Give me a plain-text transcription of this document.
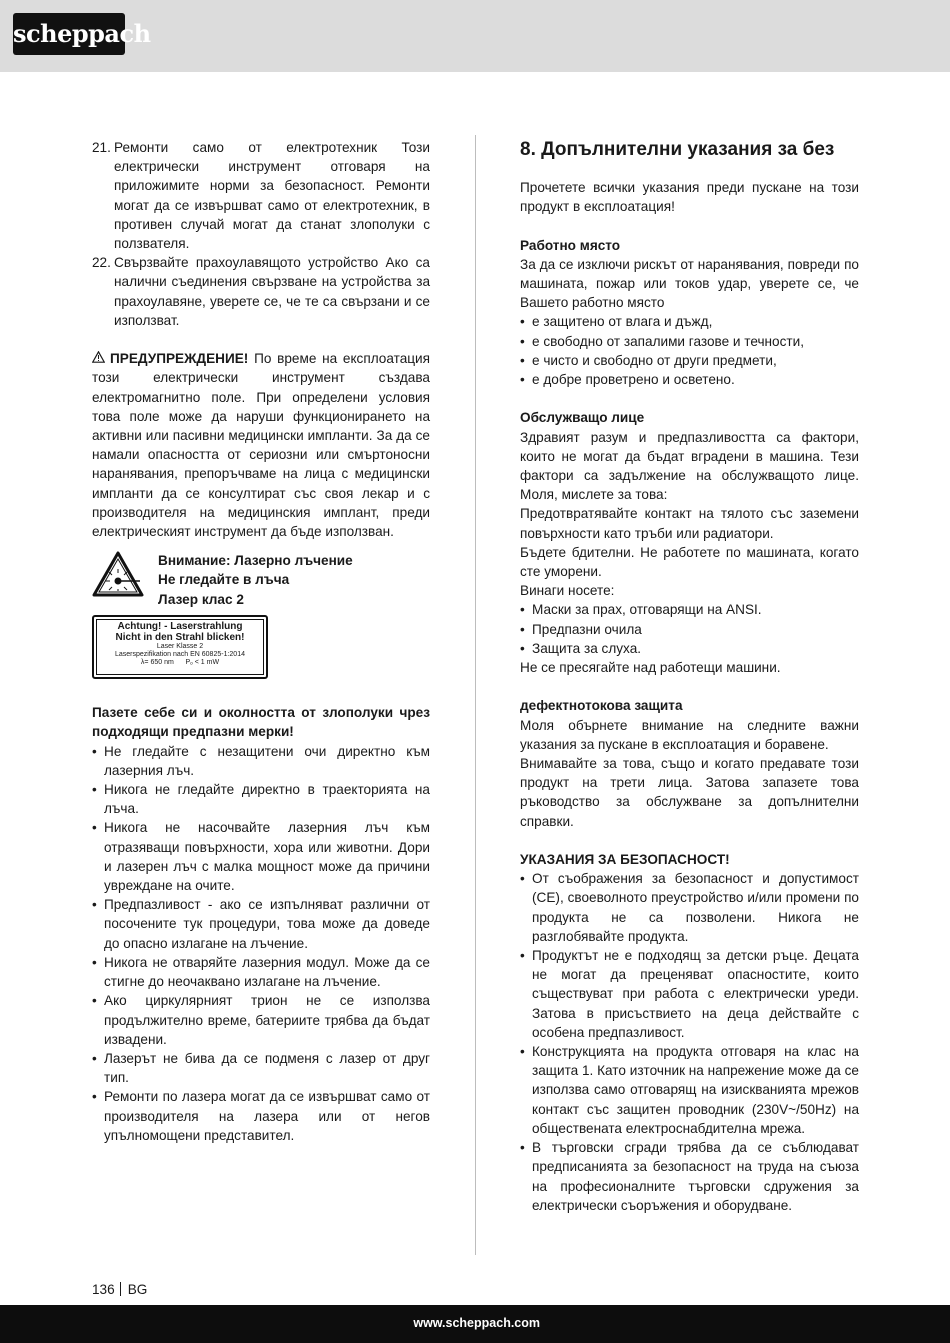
scheppach
21. Ремонти само от електротехник Този електрически инструмент отговаря на приложимите норми за безопасност. Ремонти могат да се извършват само от електротехник, в противен случай могат да станат злополуки с ползвателя.
22. Свързвайте прахоулавящото устройство Ако са налични съединения свързване на устройства за прахоулавяне, уверете се, че те са свързани и се използват.

ПРЕДУПРЕЖДЕНИЕ! По време на експлоатация този електрически инструмент създава електромагнитно поле. При определени условия това поле може да наруши функционирането на активни или пасивни медицински импланти. За да се намали опасността от сериозни или смъртоносни наранявания, препоръчваме на лица с медицински импланти да се консултират със своя лекар и с производителя на медицинския имплант, преди електрическият инструмент да бъде използван.

Внимание: Лазерно лъчение
Не гледайте в лъча
Лазер клас 2
Achtung! - Laserstrahlung
Nicht in den Strahl blicken!
Laser Klasse 2
Laserspezifikation nach EN 60825-1:2014
λ= 650 nm Pₒ < 1 mW
Пазете себе си и околността от злополуки чрез подходящи предпазни мерки!
• Не гледайте с незащитени очи директно към лазерния лъч.
• Никога не гледайте директно в траекторията на лъча.
• Никога не насочвайте лазерния лъч към отразяващи повърхности, хора или животни. Дори и лазерен лъч с малка мощност може да причини увреждане на очите.
• Предпазливост - ако се изпълняват различни от посочените тук процедури, това може да доведе до опасно излагане на лъчение.
• Никога не отваряйте лазерния модул. Може да се стигне до неочаквано излагане на лъчение.
• Ако циркулярният трион не се използва продължително време, батериите трябва да бъдат извадени.
• Лазерът не бива да се подменя с лазер от друг тип.
• Ремонти по лазера могат да се извършват само от производителя на лазера или от негов упълномощени представител.
8. Допълнителни указания за без
Прочетете всички указания преди пускане на този продукт в експлоатация!
Работно място
За да се изключи рискът от наранявания, повреди по машината, пожар или токов удар, уверете се, че Вашето работно място
• е защитено от влага и дъжд,
• е свободно от запалими газове и течности,
• е чисто и свободно от други предмети,
• е добре проветрено и осветено.
Обслужващо лице
Здравият разум и предпазливостта са фактори, които не могат да бъдат вградени в машина. Тези фактори са задължение на обслужващото лице. Моля, мислете за това:
Предотвратявайте контакт на тялото със заземени повърхности като тръби или радиатори.
Бъдете бдителни. Не работете по машината, когато сте уморени.
Винаги носете:
• Маски за прах, отговарящи на ANSI.
• Предпазни очила
• Защита за слуха.
Не се пресягайте над работещи машини.
дефектнотокова защита
Моля обърнете внимание на следните важни указания за пускане в експлоатация и боравене.
Внимавайте за това, също и когато предавате този продукт на трети лица. Затова запазете това ръководство за обслужване за допълнителни справки.
УКАЗАНИЯ ЗА БЕЗОПАСНОСТ!
• От съображения за безопасност и допустимост (CE), своеволното преустройство и/или промени по продукта не са позволени. Никога не разглобявайте продукта.
• Продуктът не е подходящ за детски ръце. Децата не могат да преценяват опасностите, които съществуват при работа с електрически уреди. Затова в присъствието на деца действайте с особена предпазливост.
• Конструкцията на продукта отговаря на клас на защита 1. Като източник на напрежение може да се използва само отговарящ на изискванията мрежов контакт със защитен проводник (230V~/50Hz) на обществената електроснабдителна мрежа.
• В търговски сгради трябва да се съблюдават предписанията за безопасност на труда на съюза на професионалните търговски сдружения за електрически съоръжения и оборудване.
136 BG
www.scheppach.com
